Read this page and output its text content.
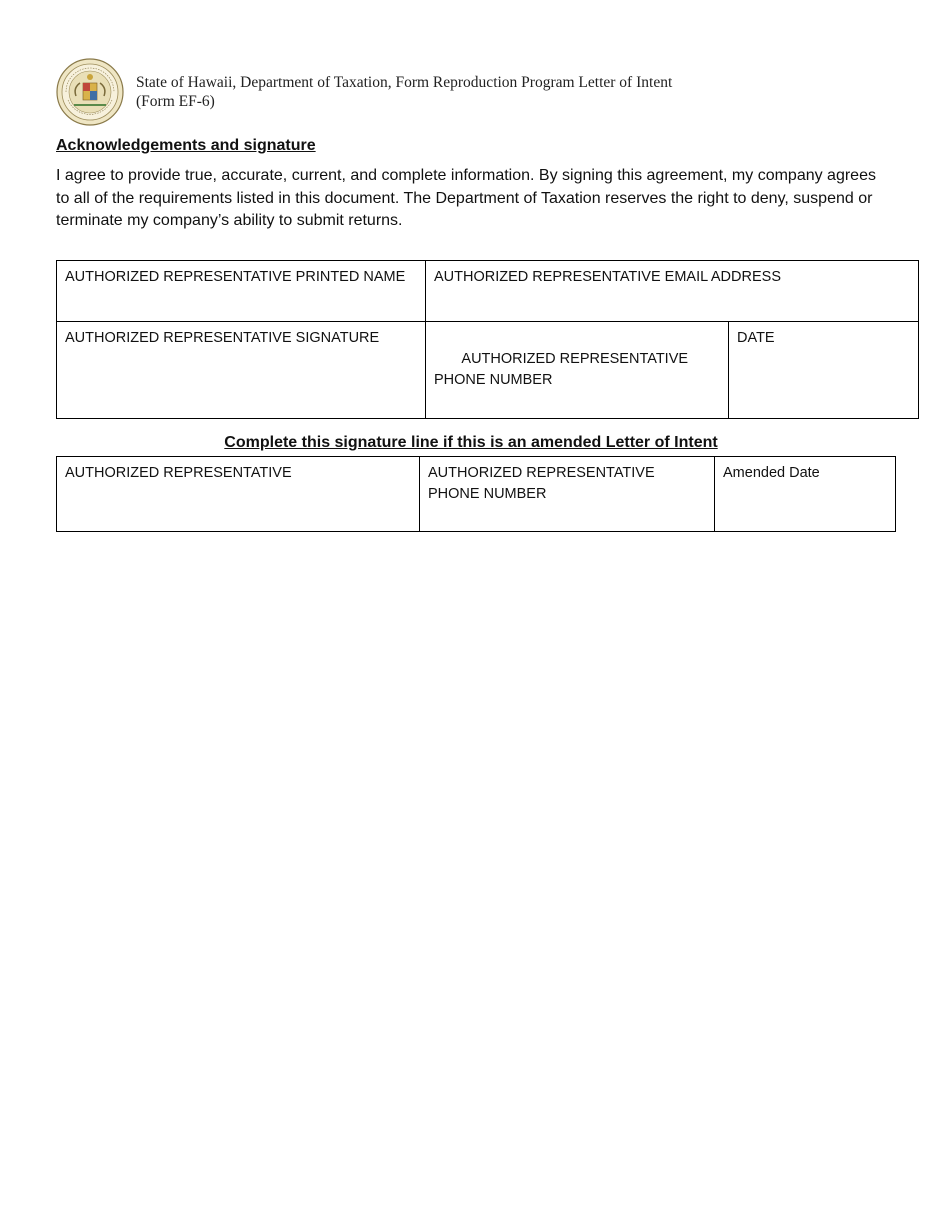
State of Hawaii, Department of Taxation, Form Reproduction Program Letter of Intent
(Form EF-6)
Acknowledgements and signature

I agree to provide true, accurate, current, and complete information. By signing this agreement, my company agrees to all of the requirements listed in this document. The Department of Taxation reserves the right to deny, suspend or terminate my company’s ability to submit returns.

AUTHORIZED REPRESENTATIVE PRINTED NAME	AUTHORIZED REPRESENTATIVE EMAIL ADDRESS	
AUTHORIZED REPRESENTATIVE SIGNATURE	AUTHORIZED REPRESENTATIVE PHONE NUMBER	DATE
Complete this signature line if this is an amended Letter of Intent
AUTHORIZED REPRESENTATIVE	AUTHORIZED REPRESENTATIVE PHONE NUMBER	Amended Date
